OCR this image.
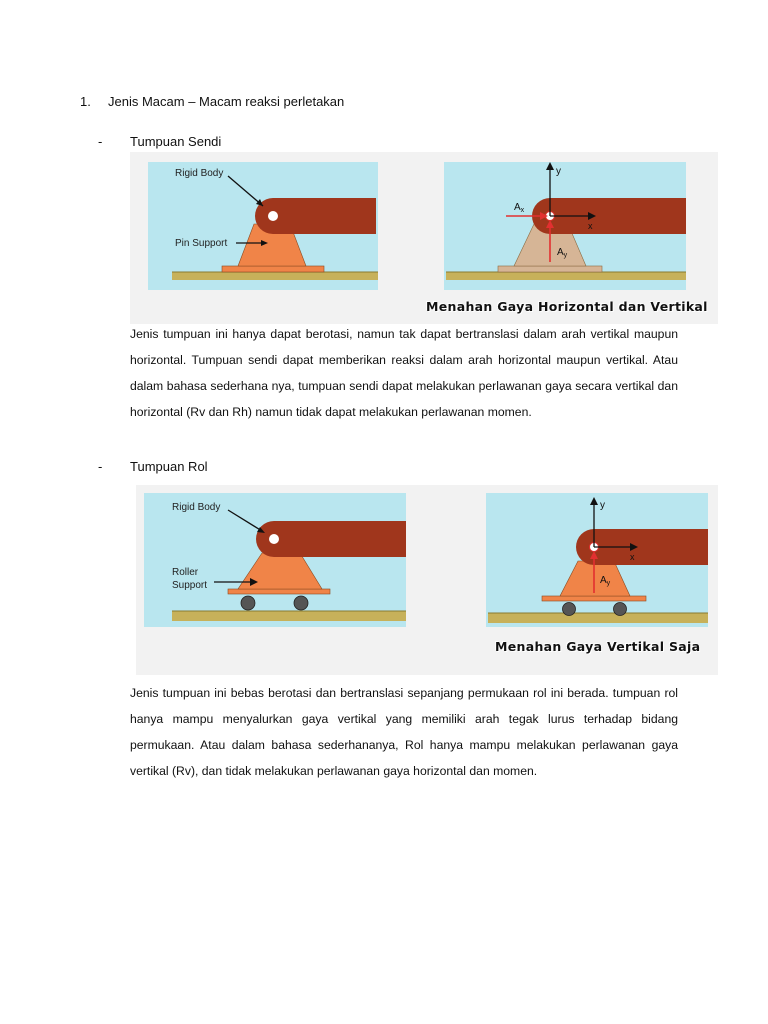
1. Jenis Macam – Macam reaksi perletakan
- Tumpuan Sendi
Rigid Body
Pin Support
y
x
$A_x$
$A_y$
Menahan Gaya Horizontal dan Vertikal
Jenis tumpuan ini hanya dapat berotasi, namun tak dapat bertranslasi dalam arah vertikal maupun horizontal. Tumpuan sendi dapat memberikan reaksi dalam arah horizontal maupun vertikal. Atau dalam bahasa sederhana nya, tumpuan sendi dapat melakukan perlawanan gaya secara vertikal dan horizontal (Rv dan Rh) namun tidak dapat melakukan perlawanan momen.
- Tumpuan Rol
Rigid Body
Roller
Support
y
x
$A_y$
Menahan Gaya Vertikal Saja
Jenis tumpuan ini bebas berotasi dan bertranslasi sepanjang permukaan rol ini berada. tumpuan rol hanya mampu menyalurkan gaya vertikal yang memiliki arah tegak lurus terhadap bidang permukaan. Atau dalam bahasa sederhananya, Rol hanya mampu melakukan perlawanan gaya vertikal (Rv), dan tidak melakukan perlawanan gaya horizontal dan momen.
